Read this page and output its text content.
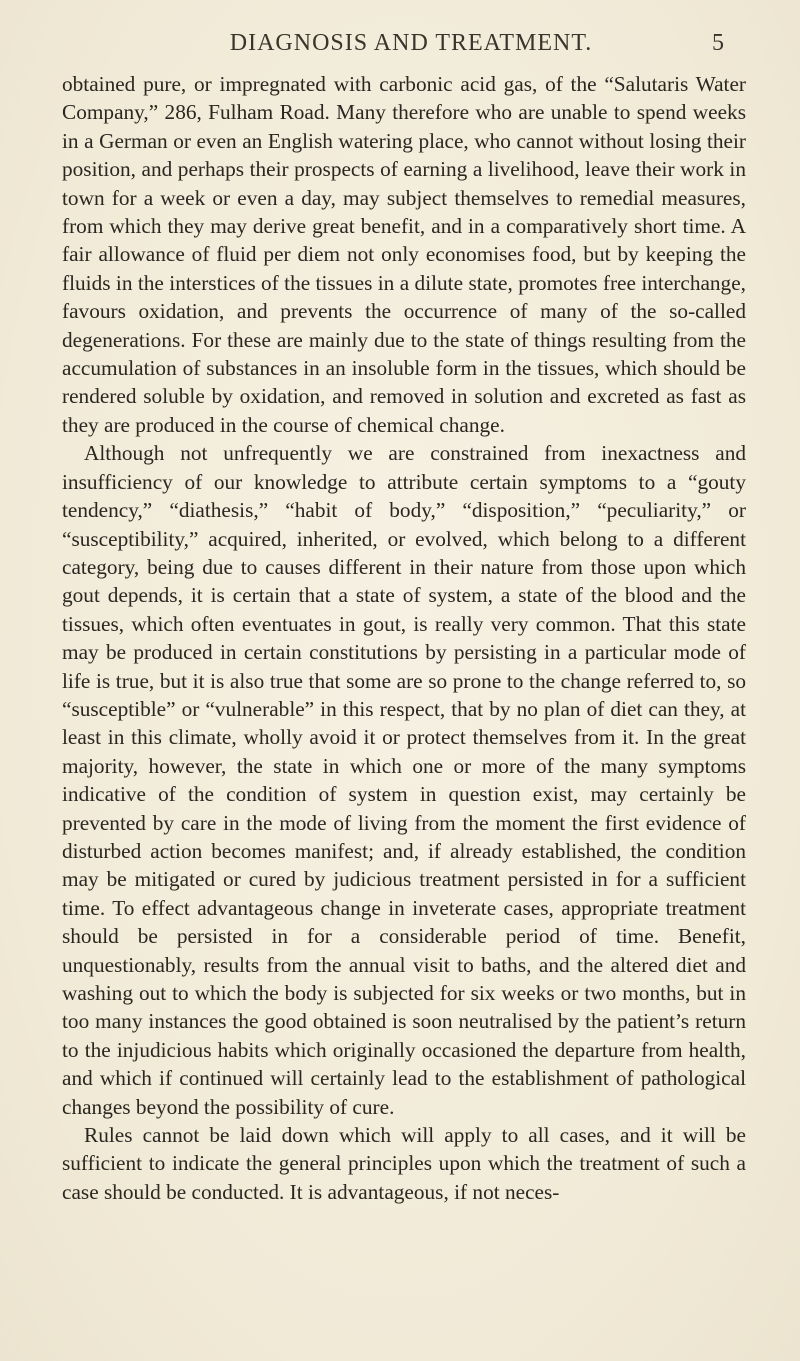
DIAGNOSIS AND TREATMENT.	5

obtained pure, or impregnated with carbonic acid gas, of the “Salutaris Water Company,” 286, Fulham Road. Many therefore who are unable to spend weeks in a German or even an English watering place, who cannot without losing their position, and perhaps their prospects of earning a livelihood, leave their work in town for a week or even a day, may subject themselves to remedial measures, from which they may derive great benefit, and in a comparatively short time. A fair allowance of fluid per diem not only economises food, but by keeping the fluids in the interstices of the tissues in a dilute state, promotes free interchange, favours oxidation, and prevents the occurrence of many of the so-called degenerations. For these are mainly due to the state of things resulting from the accumulation of substances in an insoluble form in the tissues, which should be rendered soluble by oxidation, and removed in solution and excreted as fast as they are produced in the course of chemical change.

Although not unfrequently we are constrained from inexactness and insufficiency of our knowledge to attribute certain symptoms to a “gouty tendency,” “diathesis,” “habit of body,” “disposition,” “peculiarity,” or “susceptibility,” acquired, inherited, or evolved, which belong to a different category, being due to causes different in their nature from those upon which gout depends, it is certain that a state of system, a state of the blood and the tissues, which often eventuates in gout, is really very common. That this state may be produced in certain constitutions by persisting in a particular mode of life is true, but it is also true that some are so prone to the change referred to, so “susceptible” or “vulnerable” in this respect, that by no plan of diet can they, at least in this climate, wholly avoid it or protect themselves from it. In the great majority, however, the state in which one or more of the many symptoms indicative of the condition of system in question exist, may certainly be prevented by care in the mode of living from the moment the first evidence of disturbed action becomes manifest; and, if already established, the condition may be mitigated or cured by judicious treatment persisted in for a sufficient time. To effect advantageous change in inveterate cases, appropriate treatment should be persisted in for a considerable period of time. Benefit, unquestionably, results from the annual visit to baths, and the altered diet and washing out to which the body is subjected for six weeks or two months, but in too many instances the good obtained is soon neutralised by the patient’s return to the injudicious habits which originally occasioned the departure from health, and which if continued will certainly lead to the establishment of pathological changes beyond the possibility of cure.

Rules cannot be laid down which will apply to all cases, and it will be sufficient to indicate the general principles upon which the treatment of such a case should be conducted. It is advantageous, if not neces-
